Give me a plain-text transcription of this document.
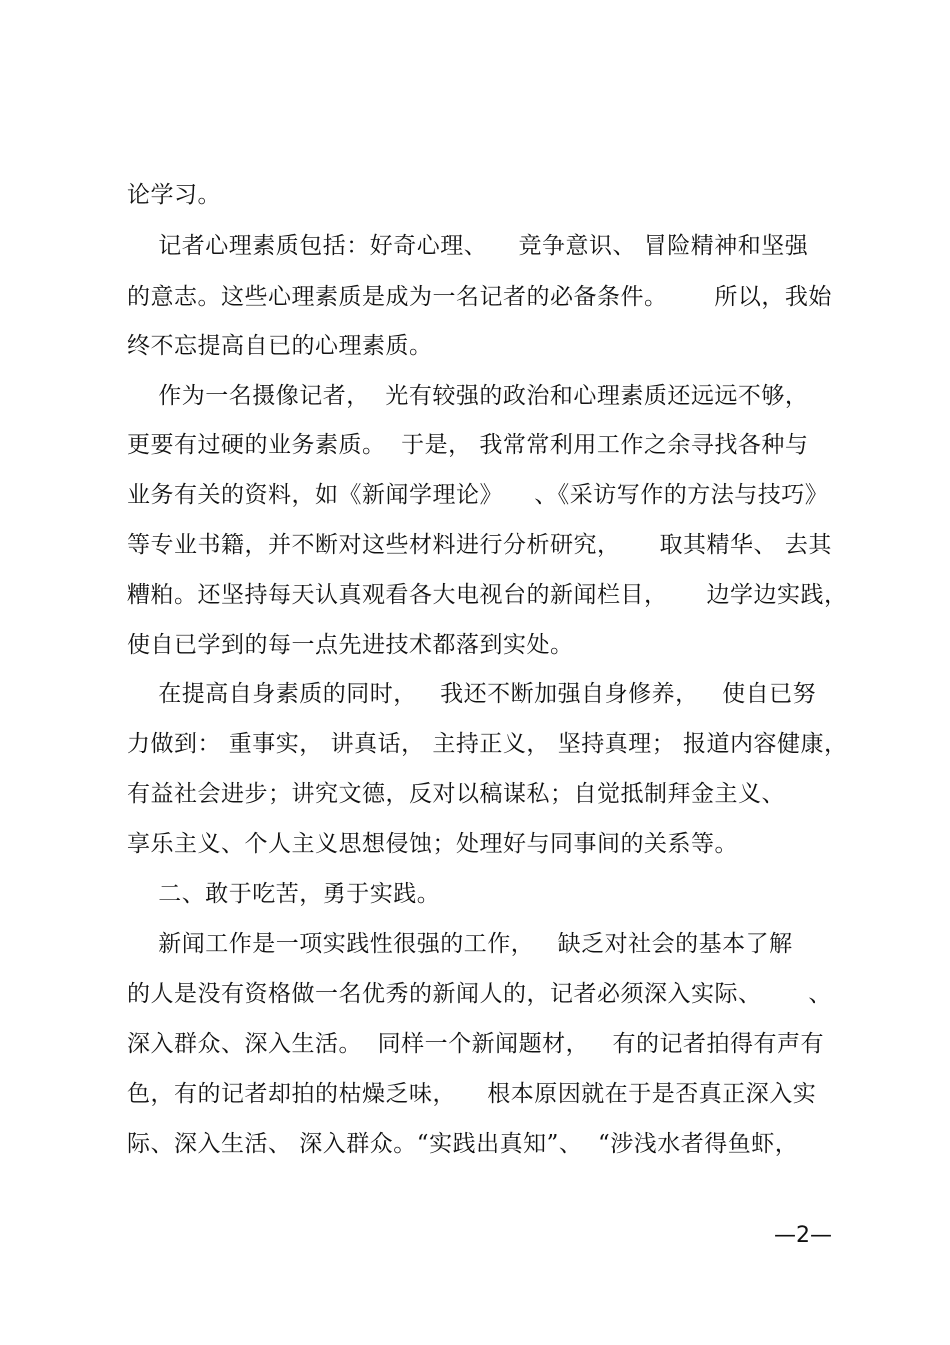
论学习。
记者心理素质包括：好奇心理、    竞争意识、 冒险精神和坚强
的意志。这些心理素质是成为一名记者的必备条件。      所以，我始
终不忘提高自已的心理素质。
作为一名摄像记者，  光有较强的政治和心理素质还远远不够，
更要有过硬的业务素质。  于是， 我常常利用工作之余寻找各种与
业务有关的资料，如《新闻学理论》    、《采访写作的方法与技巧》
等专业书籍，并不断对这些材料进行分析研究，     取其精华、 去其
糟粕。还坚持每天认真观看各大电视台的新闻栏目，     边学边实践，
使自已学到的每一点先进技术都落到实处。
在提高自身素质的同时，   我还不断加强自身修养，   使自已努
力做到： 重事实， 讲真话， 主持正义， 坚持真理； 报道内容健康，
有益社会进步；讲究文德，反对以稿谋私；自觉抵制拜金主义、
享乐主义、个人主义思想侵蚀；处理好与同事间的关系等。
二、敢于吃苦，勇于实践。
新闻工作是一项实践性很强的工作，   缺乏对社会的基本了解
的人是没有资格做一名优秀的新闻人的，记者必须深入实际、      、
深入群众、深入生活。  同样一个新闻题材，   有的记者拍得有声有
色，有的记者却拍的枯燥乏味，    根本原因就在于是否真正深入实
际、深入生活、 深入群众。“实践出真知”、  “涉浅水者得鱼虾，
—2—
